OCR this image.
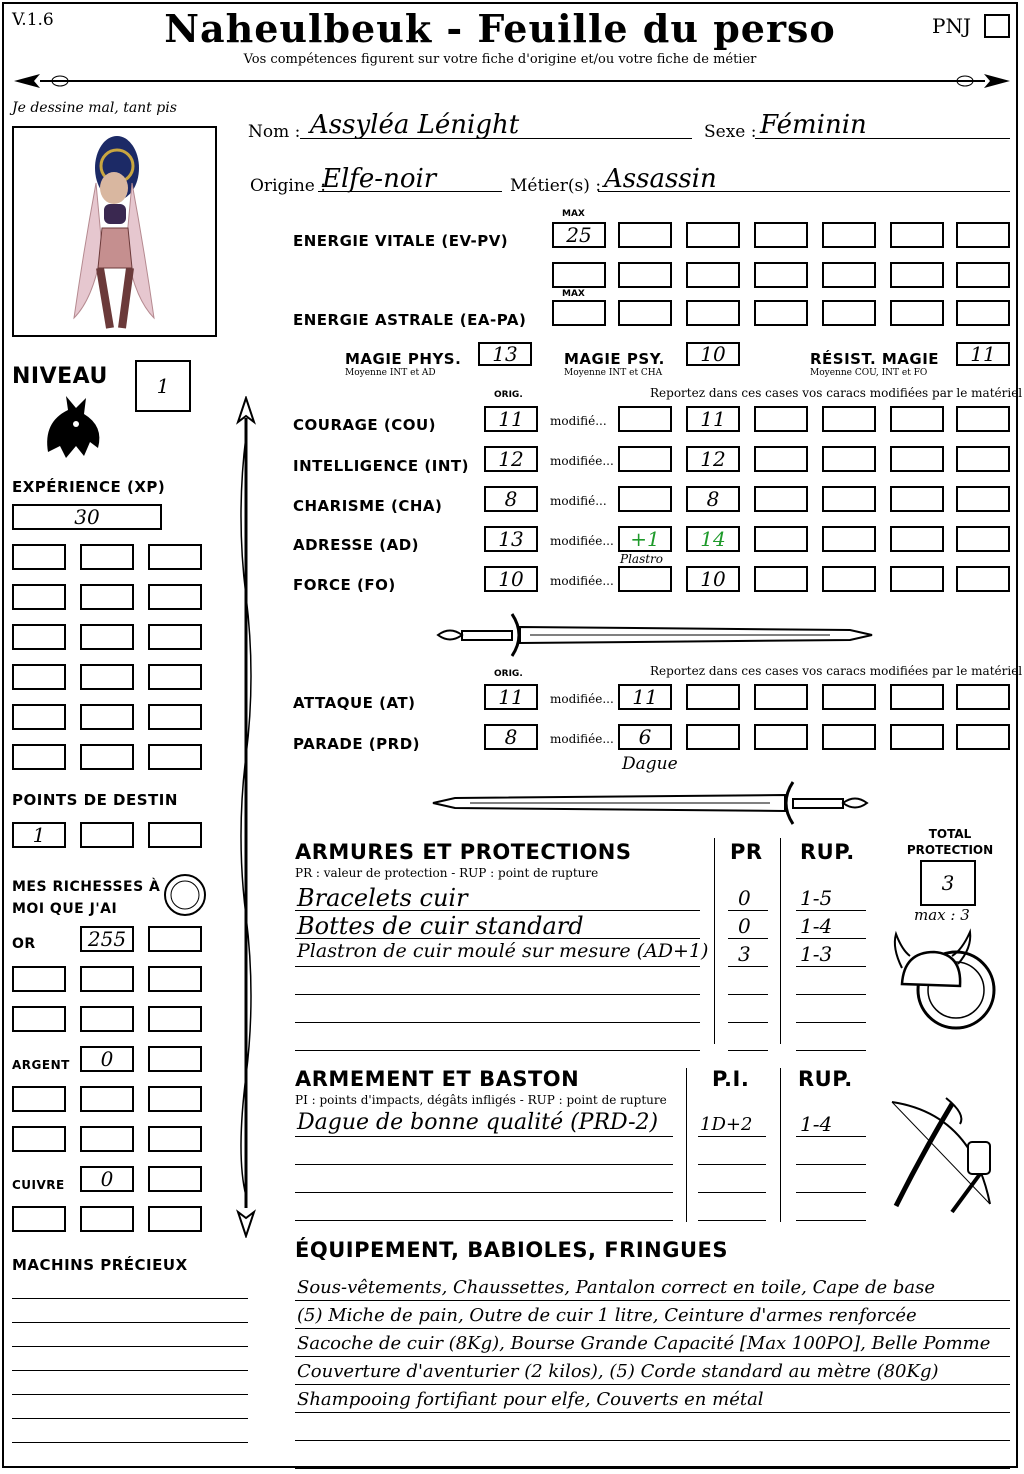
V.1.6	Naheulbeuk - Feuille du perso
Vos compétences figurent sur votre fiche d'origine et/ou votre fiche de métier
PNJ
Je dessine mal, tant pis
Nom : Assyléa Lénight	Sexe : Féminin
Origine :
Elfe-noir	Métier(s) : Assassin
MAX
ENERGIE VITALE (EV-PV)
MAX
ENERGIE ASTRALE (EA-PA)
MAGIE PHYS.
Moyenne INT et AD
13	MAGIE PSY.
Moyenne INT et CHA
10	RÉSIST. MAGIE
Moyenne COU, INT et FO
11
ORIG.	Reportez dans ces cases vos caracs modifiées par le matériel
ORIG.	Reportez dans ces cases vos caracs modifiées par le matériel
NIVEAU	1
EXPÉRIENCE (XP)
30
POINTS DE DESTIN
MES RICHESSES À MOI QUE J'AI
OR
ARGENT
CUIVRE
MACHINS PRÉCIEUX
ARMURES ET PROTECTIONS
PR : valeur de protection - RUP : point de rupture
PR RUP.
TOTAL PROTECTION
3
max : 3
ARMEMENT ET BASTON
PI : points d'impacts, dégâts infligés - RUP : point de rupture
P.I. RUP.
ÉQUIPEMENT, BABIOLES, FRINGUES
25
COURAGE (COU)	11	modifié...	11
INTELLIGENCE (INT)	12	modifiée...	12
CHARISME (CHA)	8	modifié...	8
ADRESSE (AD)	13	modifiée... +1	14
Plastro
FORCE (FO)	10	modifiée...	10
ATTAQUE (AT)	11	modifiée... 11
PARADE (PRD)	8	modifiée...	6
Dague
1
255
0
0
Bracelets cuir	0 1-5
Bottes de cuir standard	0 1-4
Plastron de cuir moulé sur mesure (AD+1) 3 1-3
Dague de bonne qualité (PRD-2) 1D+2 1-4
Sous-vêtements, Chaussettes, Pantalon correct en toile, Cape de base
(5) Miche de pain, Outre de cuir 1 litre, Ceinture d'armes renforcée
Sacoche de cuir (8Kg), Bourse Grande Capacité [Max 100PO], Belle Pomme
Couverture d'aventurier (2 kilos), (5) Corde standard au mètre (80Kg)
Shampooing fortifiant pour elfe, Couverts en métal
